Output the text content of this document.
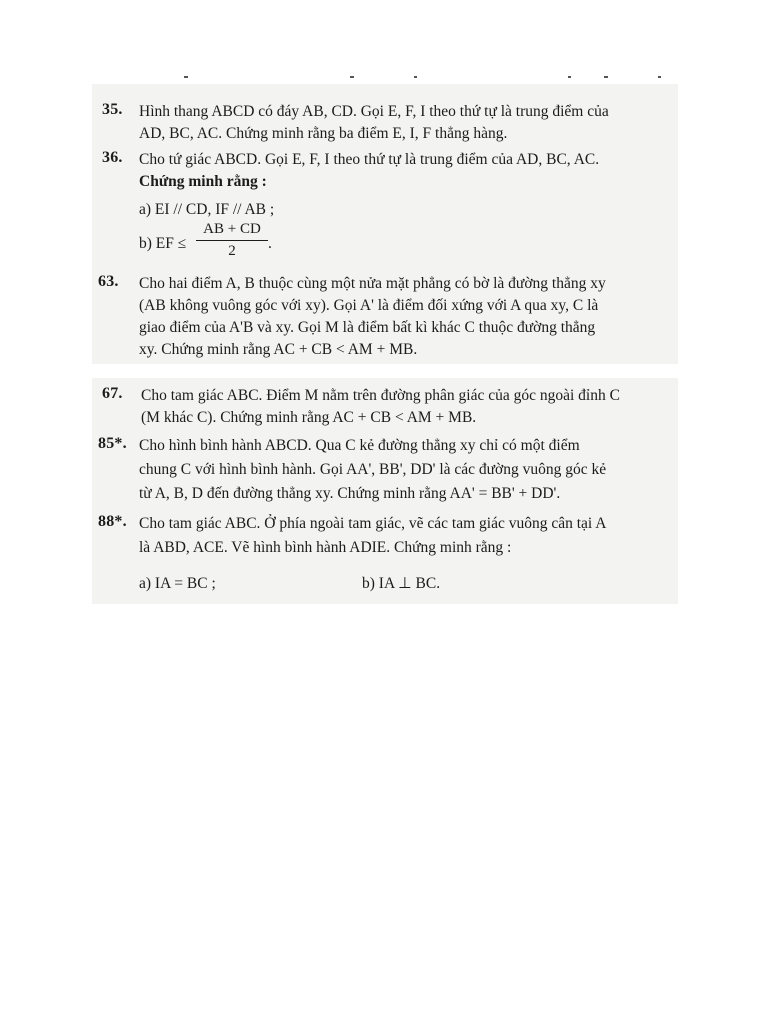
35. Hình thang ABCD có đáy AB, CD. Gọi E, F, I theo thứ tự là trung điểm của
AD, BC, AC. Chứng minh rằng ba điểm E, I, F thẳng hàng.
36. Cho tứ giác ABCD. Gọi E, F, I theo thứ tự là trung điểm của AD, BC, AC.
Chứng minh rằng :
a) EI // CD, IF // AB ;
b) EF ≤
AB + CD
2 .
63. Cho hai điểm A, B thuộc cùng một nửa mặt phẳng có bờ là đường thẳng xy
(AB không vuông góc với xy). Gọi A' là điểm đối xứng với A qua xy, C là
giao điểm của A'B và xy. Gọi M là điểm bất kì khác C thuộc đường thẳng
xy. Chứng minh rằng AC + CB < AM + MB.
67. Cho tam giác ABC. Điểm M nằm trên đường phân giác của góc ngoài đỉnh C
(M khác C). Chứng minh rằng AC + CB < AM + MB.
85*. Cho hình bình hành ABCD. Qua C kẻ đường thẳng xy chỉ có một điểm
chung C với hình bình hành. Gọi AA', BB', DD' là các đường vuông góc kẻ
từ A, B, D đến đường thẳng xy. Chứng minh rằng AA' = BB' + DD'.
88*. Cho tam giác ABC. Ở phía ngoài tam giác, vẽ các tam giác vuông cân tại A
là ABD, ACE. Vẽ hình bình hành ADIE. Chứng minh rằng :
a) IA = BC ;	b) IA ⊥ BC.
